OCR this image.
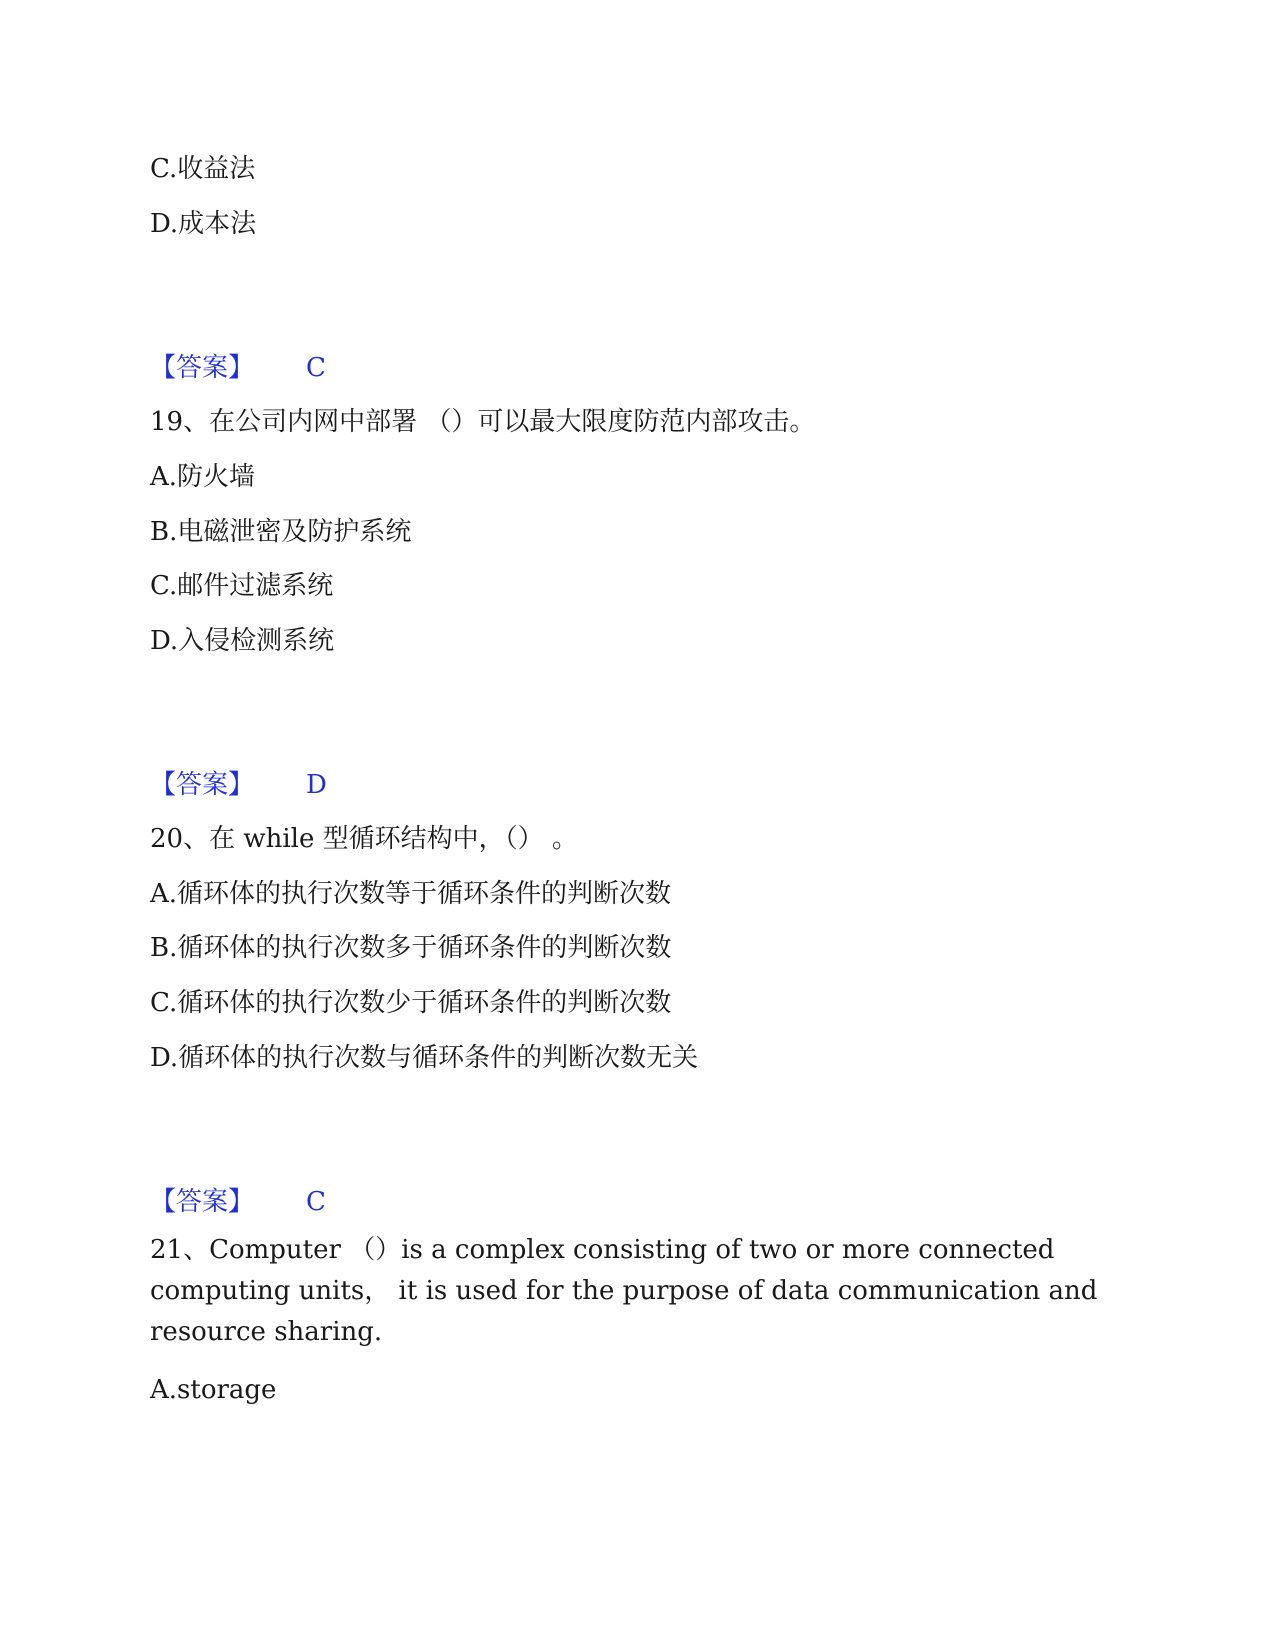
C.收益法

D.成本法

【答案】 C

19、在公司内网中部署 （）可以最大限度防范内部攻击。

A.防火墙

B.电磁泄密及防护系统

C.邮件过滤系统

D.入侵检测系统

【答案】 D

20、在 while 型循环结构中，（） 。

A.循环体的执行次数等于循环条件的判断次数

B.循环体的执行次数多于循环条件的判断次数

C.循环体的执行次数少于循环条件的判断次数

D.循环体的执行次数与循环条件的判断次数无关

【答案】 C

21、Computer （）is a complex consisting of two or more connected computing units， it is used for the purpose of data communication and resource sharing.

A.storage
